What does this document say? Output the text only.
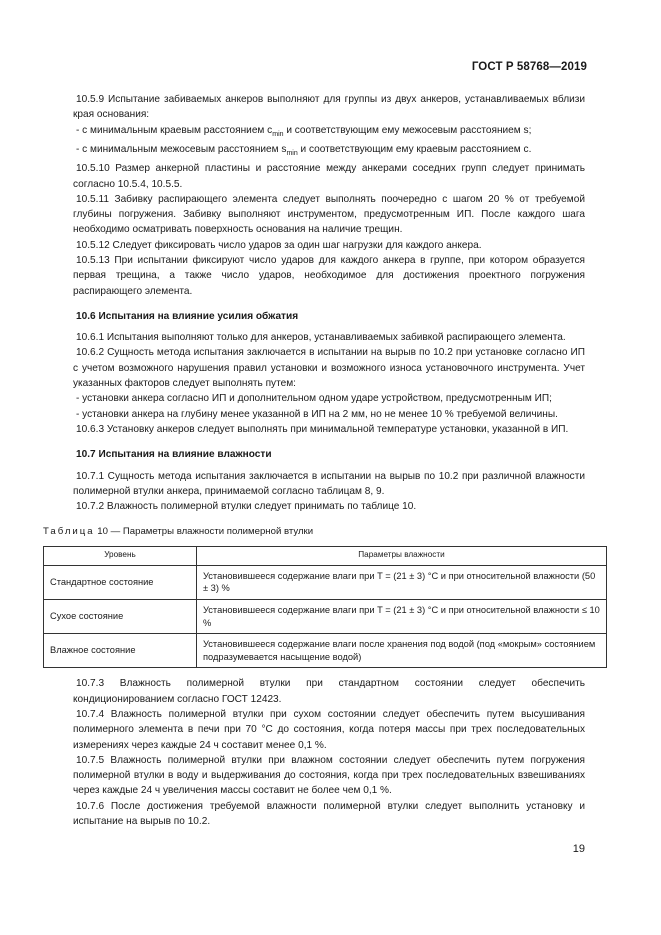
ГОСТ Р 58768—2019

10.5.9 Испытание забиваемых анкеров выполняют для группы из двух анкеров, устанавливаемых вблизи края основания:

- с минимальным краевым расстоянием $c_{min}$ и соответствующим ему межосевым расстоянием s;

- с минимальным межосевым расстоянием $s_{min}$ и соответствующим ему краевым расстоянием c.

10.5.10 Размер анкерной пластины и расстояние между анкерами соседних групп следует принимать согласно 10.5.4, 10.5.5.

10.5.11 Забивку распирающего элемента следует выполнять поочередно с шагом 20 % от требуемой глубины погружения. Забивку выполняют инструментом, предусмотренным ИП. После каждого шага необходимо осматривать поверхность основания на наличие трещин.

10.5.12 Следует фиксировать число ударов за один шаг нагрузки для каждого анкера.

10.5.13 При испытании фиксируют число ударов для каждого анкера в группе, при котором образуется первая трещина, а также число ударов, необходимое для достижения проектного погружения распирающего элемента.

10.6 Испытания на влияние усилия обжатия

10.6.1 Испытания выполняют только для анкеров, устанавливаемых забивкой распирающего элемента.

10.6.2 Сущность метода испытания заключается в испытании на вырыв по 10.2 при установке согласно ИП с учетом возможного нарушения правил установки и возможного износа установочного инструмента. Учет указанных факторов следует выполнять путем:

- установки анкера согласно ИП и дополнительном одном ударе устройством, предусмотренным ИП;

- установки анкера на глубину менее указанной в ИП на 2 мм, но не менее 10 % требуемой величины.

10.6.3 Установку анкеров следует выполнять при минимальной температуре установки, указанной в ИП.

10.7 Испытания на влияние влажности

10.7.1 Сущность метода испытания заключается в испытании на вырыв по 10.2 при различной влажности полимерной втулки анкера, принимаемой согласно таблицам 8, 9.

10.7.2 Влажность полимерной втулки следует принимать по таблице 10.

Таблица 10 — Параметры влажности полимерной втулки
Уровень	Параметры влажности
Стандартное состояние	Установившееся содержание влаги при T = (21 ± 3) °С и при относительной влажности (50 ± 3) %
Сухое состояние	Установившееся содержание влаги при T = (21 ± 3) °С и при относительной влажности ≤ 10 %
Влажное состояние	Установившееся содержание влаги после хранения под водой (под «мокрым» состоянием подразумевается насыщение водой)

10.7.3 Влажность полимерной втулки при стандартном состоянии следует обеспечить кондиционированием согласно ГОСТ 12423.

10.7.4 Влажность полимерной втулки при сухом состоянии следует обеспечить путем высушивания полимерного элемента в печи при 70 °С до состояния, когда потеря массы при трех последовательных измерениях через каждые 24 ч составит менее 0,1 %.

10.7.5 Влажность полимерной втулки при влажном состоянии следует обеспечить путем погружения полимерной втулки в воду и выдерживания до состояния, когда при трех последовательных взвешиваниях через каждые 24 ч увеличения массы составит не более чем 0,1 %.

10.7.6 После достижения требуемой влажности полимерной втулки следует выполнить установку и испытание на вырыв по 10.2.

19
